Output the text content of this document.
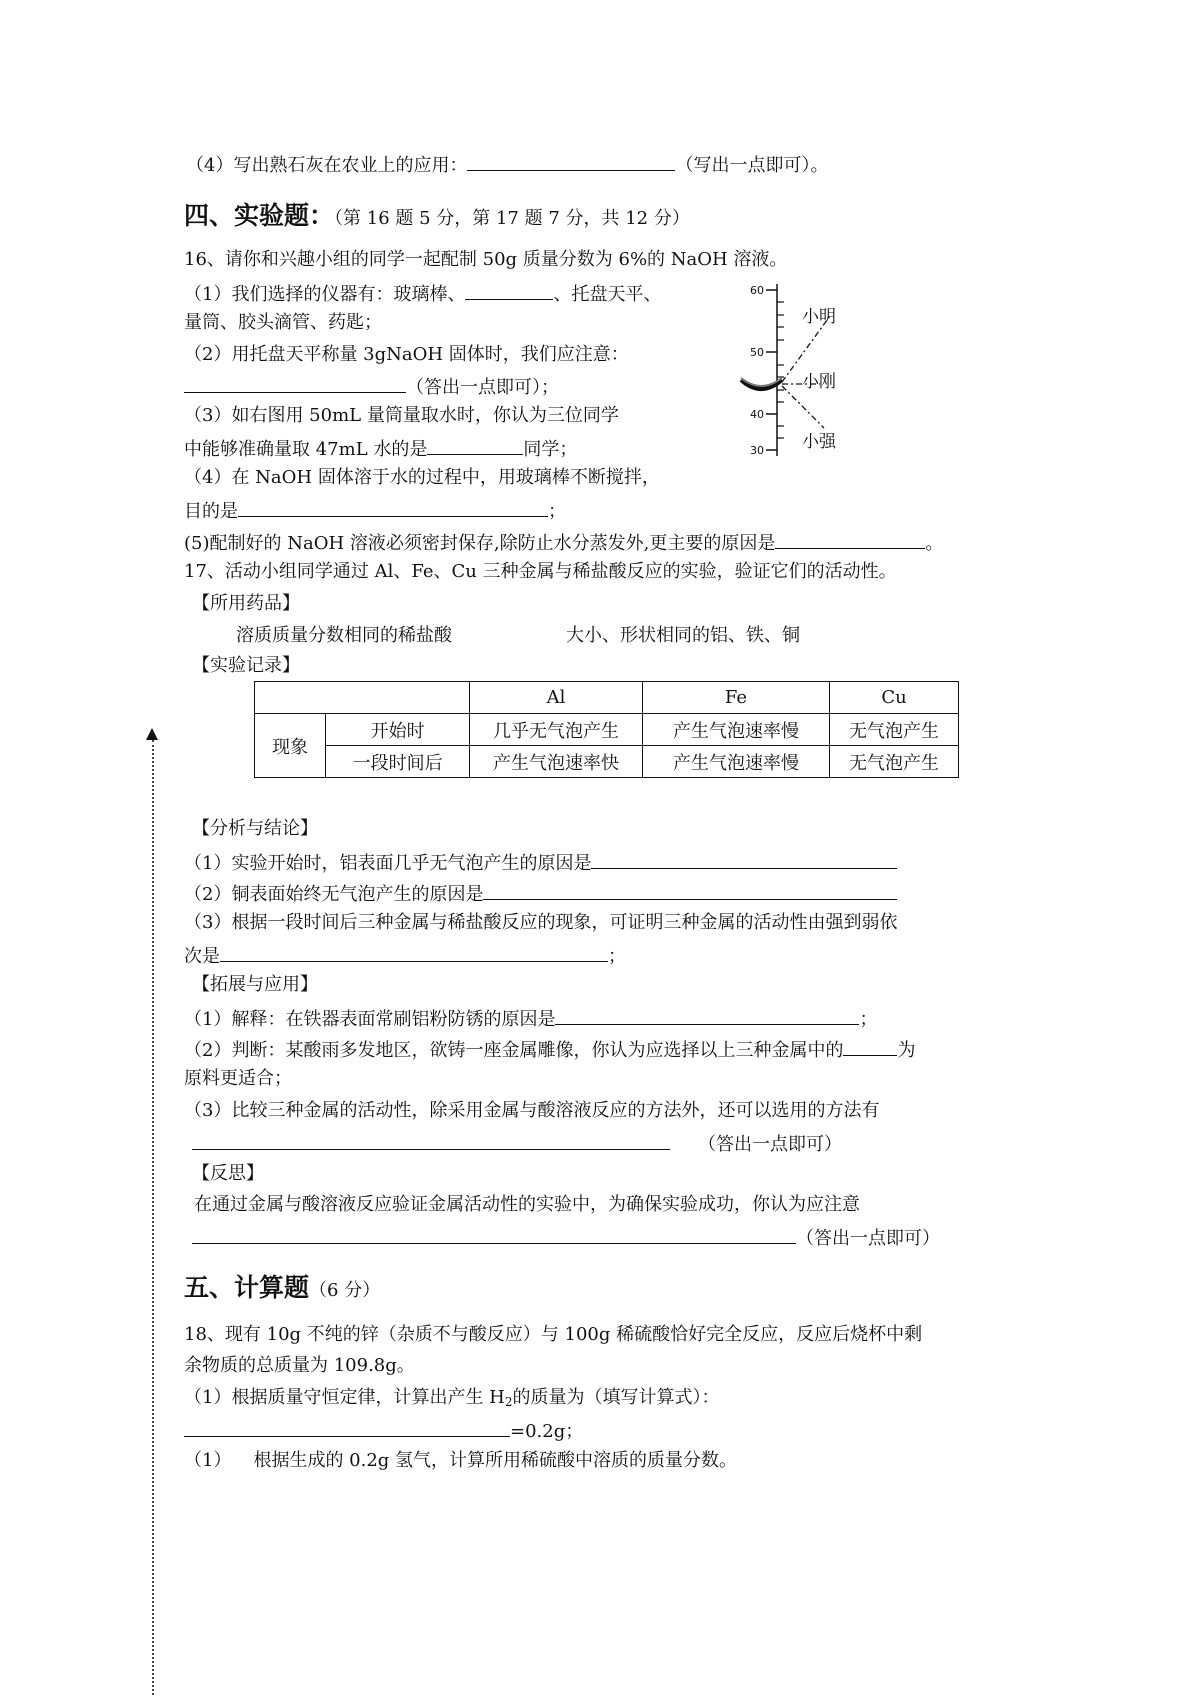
（4）写出熟石灰在农业上的应用：	（写出一点即可）。
四、实验题：（第 16 题 5 分，第 17 题 7 分，共 12 分）
16、请你和兴趣小组的同学一起配制 50g 质量分数为 6%的 NaOH 溶液。
（1）我们选择的仪器有：玻璃棒、	、托盘天平、
量筒、胶头滴管、药匙；
（2）用托盘天平称量 3gNaOH 固体时，我们应注意：
（答出一点即可）；
（3）如右图用 50mL 量筒量取水时，你认为三位同学
中能够准确量取 47mL 水的是	同学；
（4）在 NaOH 固体溶于水的过程中，用玻璃棒不断搅拌，
目的是	；
(5)配制好的 NaOH 溶液必须密封保存,除防止水分蒸发外,更主要的原因是	。
60
50
40
30
小明
小刚
小强
17、活动小组同学通过 Al、Fe、Cu 三种金属与稀盐酸反应的实验，验证它们的活动性。
【所用药品】
溶质质量分数相同的稀盐酸	大小、形状相同的铝、铁、铜
【实验记录】
		Al	Fe	Cu
现象	开始时	几乎无气泡产生	产生气泡速率慢	无气泡产生
	一段时间后	产生气泡速率快	产生气泡速率慢	无气泡产生
【分析与结论】
（1）实验开始时，铝表面几乎无气泡产生的原因是
（2）铜表面始终无气泡产生的原因是
（3）根据一段时间后三种金属与稀盐酸反应的现象，可证明三种金属的活动性由强到弱依
次是	；
【拓展与应用】
（1）解释：在铁器表面常刷铝粉防锈的原因是	；
（2）判断：某酸雨多发地区，欲铸一座金属雕像，你认为应选择以上三种金属中的	为
原料更适合；
（3）比较三种金属的活动性，除采用金属与酸溶液反应的方法外，还可以选用的方法有
（答出一点即可）
【反思】
在通过金属与酸溶液反应验证金属活动性的实验中，为确保实验成功，你认为应注意
（答出一点即可）
五、计算题（6 分）
18、现有 10g 不纯的锌（杂质不与酸反应）与 100g 稀硫酸恰好完全反应，反应后烧杯中剩
余物质的总质量为 109.8g。
（1）根据质量守恒定律，计算出产生 $H_2$的质量为（填写计算式）：
=0.2g；
（1） 根据生成的 0.2g 氢气，计算所用稀硫酸中溶质的质量分数。
